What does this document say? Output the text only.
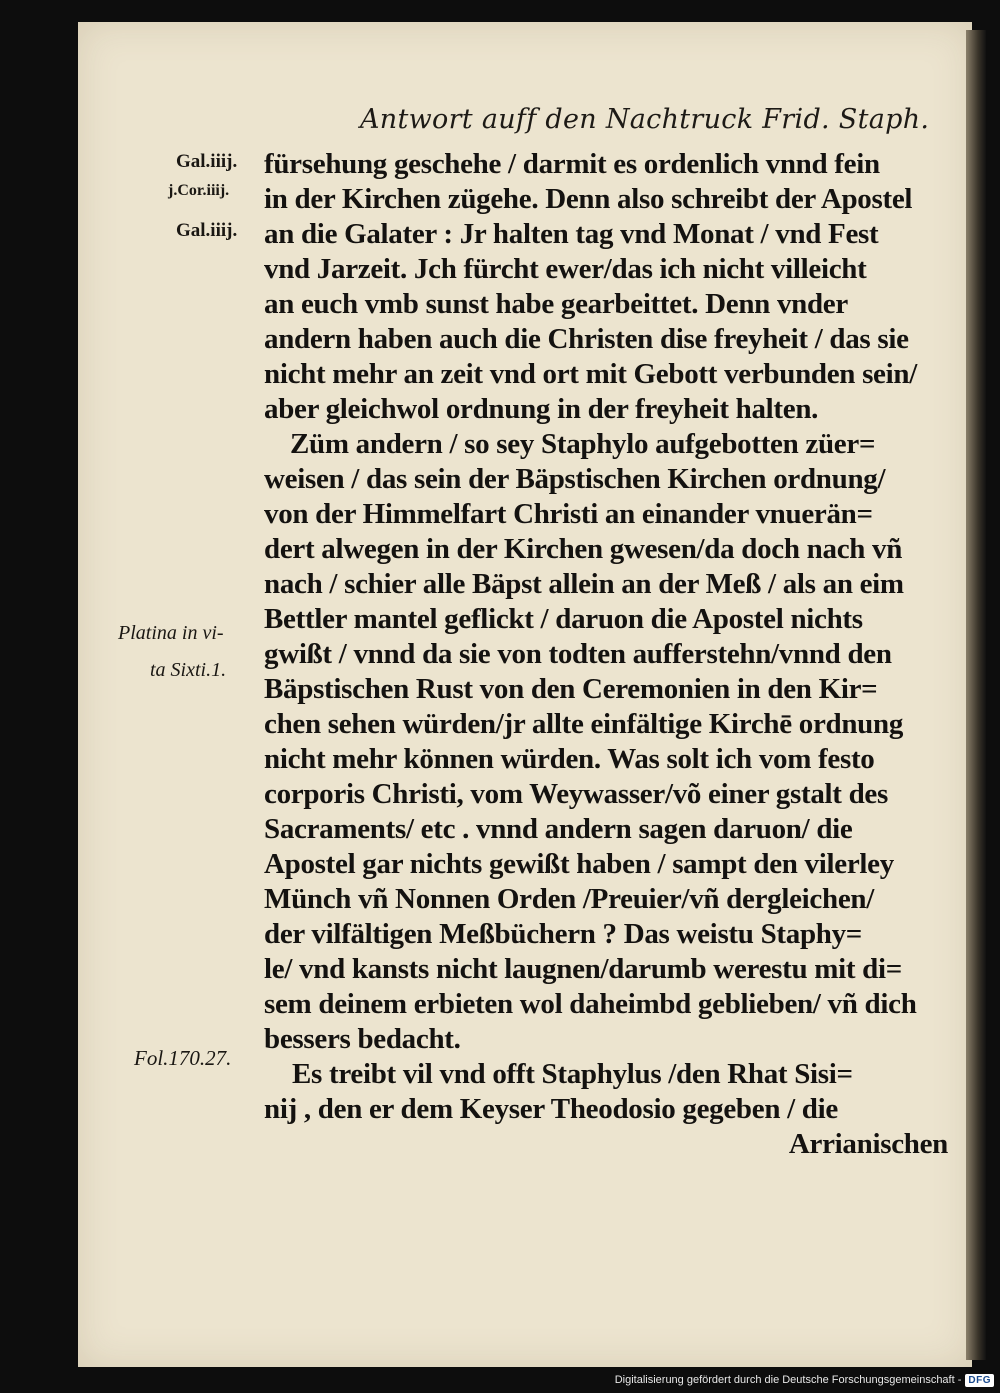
Antwort auff den Nachtruck Frid. Staph.
Gal.iiij.
j.Cor.iiij.
Gal.iiij.
Platina in vi-
ta Sixti.1.
Fol.170.27.
fürsehung geschehe / darmit es ordenlich vnnd fein
in der Kirchen zügehe. Denn also schreibt der Apostel
an die Galater : Jr halten tag vnd Monat / vnd Fest
vnd Jarzeit. Jch fürcht ewer/das ich nicht villeicht
an euch vmb sunst habe gearbeittet. Denn vnder
andern haben auch die Christen dise freyheit / das sie
nicht mehr an zeit vnd ort mit Gebott verbunden sein/
aber gleichwol ordnung in der freyheit halten.
Züm andern / so sey Staphylo aufgebotten züer=
weisen / das sein der Bäpstischen Kirchen ordnung/
von der Himmelfart Christi an einander vnuerän=
dert alwegen in der Kirchen gwesen/da doch nach vñ
nach / schier alle Bäpst allein an der Meß / als an eim
Bettler mantel geflickt / daruon die Apostel nichts
gwißt / vnnd da sie von todten aufferstehn/vnnd den
Bäpstischen Rust von den Ceremonien in den Kir=
chen sehen würden/jr allte einfältige Kirchē ordnung
nicht mehr können würden. Was solt ich vom festo
corporis Christi, vom Weywasser/võ einer gstalt des
Sacraments/ etc . vnnd andern sagen daruon/ die
Apostel gar nichts gewißt haben / sampt den vilerley
Münch vñ Nonnen Orden /Preuier/vñ dergleichen/
der vilfältigen Meßbüchern ? Das weistu Staphy=
le/ vnd kansts nicht laugnen/darumb werestu mit di=
sem deinem erbieten wol daheimbd geblieben/ vñ dich
bessers bedacht.
Es treibt vil vnd offt Staphylus /den Rhat Sisi=
nij , den er dem Keyser Theodosio gegeben / die
Arrianischen
Digitalisierung gefördert durch die Deutsche Forschungsgemeinschaft - DFG
